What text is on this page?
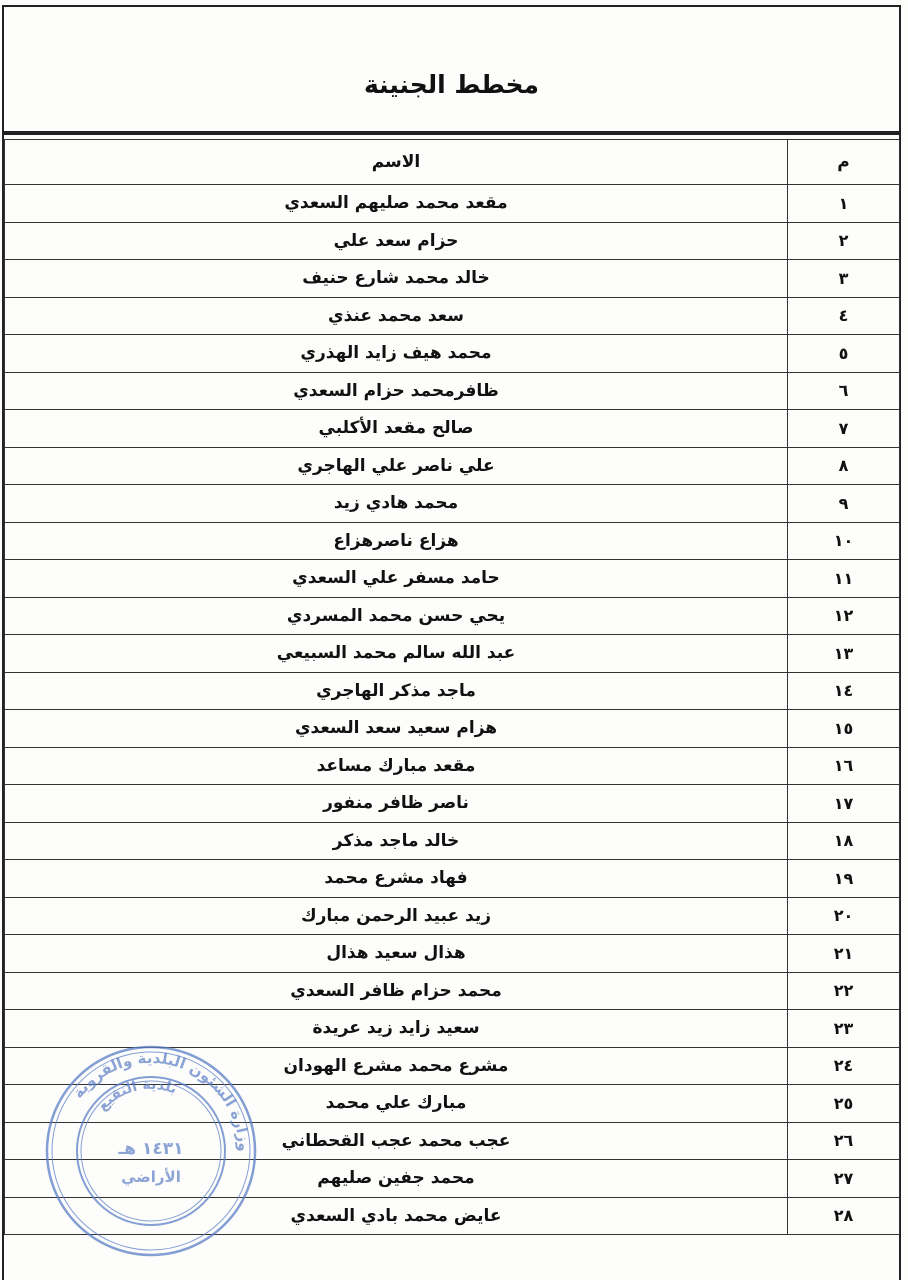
مخطط الجنينة
م	الاسم
١	مقعد محمد صليهم السعدي
٢	حزام سعد علي
٣	خالد محمد شارع حنيف
٤	سعد محمد عنذي
٥	محمد هيف زايد الهذري
٦	ظافرمحمد حزام السعدي
٧	صالح مقعد الأكلبي
٨	علي ناصر علي الهاجري
٩	محمد هادي زيد
١٠	هزاع ناصرهزاع
١١	حامد مسفر علي السعدي
١٢	يحي حسن محمد المسردي
١٣	عبد الله سالم محمد السبيعي
١٤	ماجد مذكر الهاجري
١٥	هزام سعيد سعد السعدي
١٦	مقعد مبارك مساعد
١٧	ناصر ظافر منفور
١٨	خالد ماجد مذكر
١٩	فهاد مشرع محمد
٢٠	زيد عبيد الرحمن مبارك
٢١	هذال سعيد هذال
٢٢	محمد حزام ظافر السعدي
٢٣	سعيد زايد زيد عريدة
٢٤	مشرع محمد مشرع الهودان
٢٥	مبارك علي محمد
٢٦	عجب محمد عجب القحطاني
٢٧	محمد جفين صليهم
٢٨	عايض محمد بادي السعدي
وزارة الشئون البلدية والقروية
بلدية النقيع
١٤٣١ هـ
الأراضي
